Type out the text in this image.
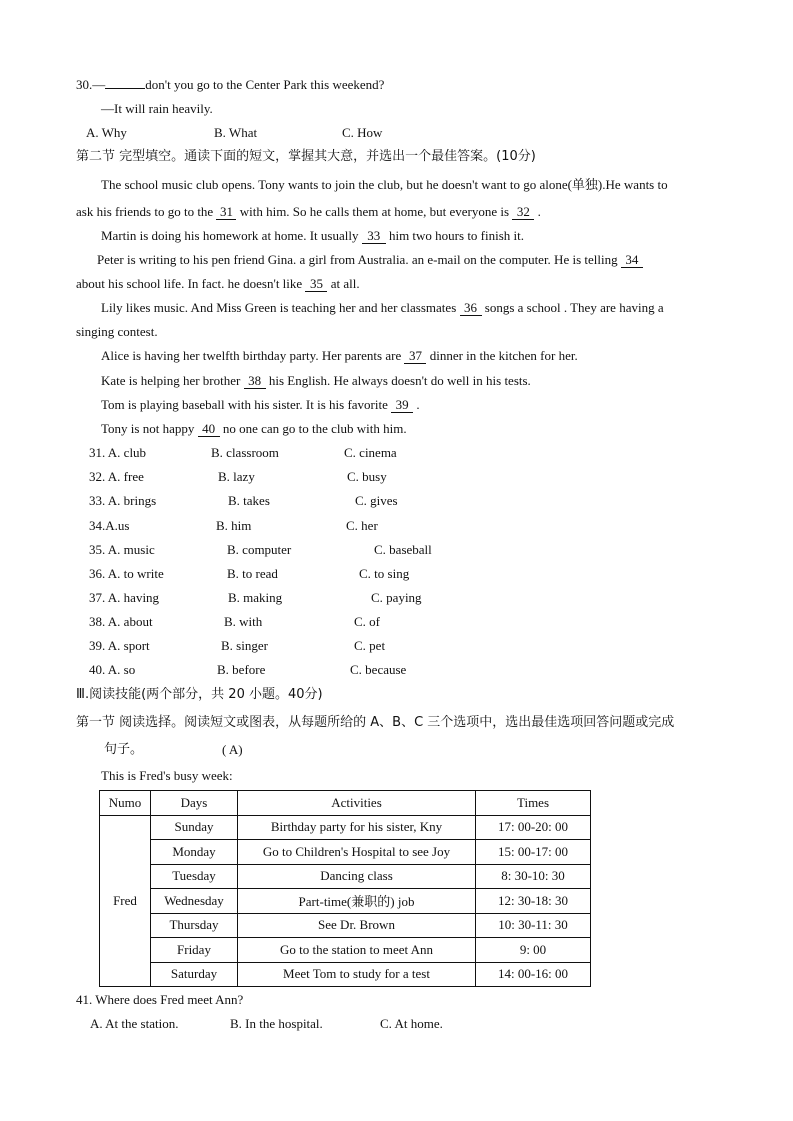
30.—	don't you go to the Center Park this weekend?
—It will rain heavily.
A. Why	B. What	C. How
第二节 完型填空。通读下面的短文，掌握其大意，并选出一个最佳答案。(10分)
The school music club opens. Tony wants to join the club, but he doesn't want to go alone(单独).He wants to
ask his friends to go to the 31 with him. So he calls them at home, but everyone is 32 .
Martin is doing his homework at home. It usually 33 him two hours to finish it.
Peter is writing to his pen friend Gina. a girl from Australia. an e-mail on the computer. He is telling 34
about his school life. In fact. he doesn't like 35 at all.
Lily likes music. And Miss Green is teaching her and her classmates 36 songs a school . They are having a
singing contest.
Alice is having her twelfth birthday party. Her parents are 37 dinner in the kitchen for her.
Kate is helping her brother 38 his English. He always doesn't do well in his tests.
Tom is playing baseball with his sister. It is his favorite 39 .
Tony is not happy 40 no one can go to the club with him.
31. A. club	B. classroom	C. cinema
32. A. free	B. lazy	C. busy
33. A. brings	B. takes	C. gives
34.A.us	B. him	C. her
35. A. music	B. computer	C. baseball
36. A. to write	B. to read	C. to sing
37. A. having	B. making	C. paying
38. A. about	B. with	C. of
39. A. sport	B. singer	C. pet
40. A. so	B. before	C. because
Ⅲ.阅读技能(两个部分，共 20 小题。40分)
第一节 阅读选择。阅读短文或图表，从每题所给的 A、B、C 三个选项中，选出最佳选项回答问题或完成
句子。	( A)
This is Fred's busy week:
Numo	Days	Activities	Times
Fred	Sunday	Birthday party for his sister, Kny	17: 00-20: 00
	Monday	Go to Children's Hospital to see Joy	15: 00-17: 00
	Tuesday	Dancing class	8: 30-10: 30
	Wednesday	Part-time(兼职的) job	12: 30-18: 30
	Thursday	See Dr. Brown	10: 30-11: 30
	Friday	Go to the station to meet Ann	9: 00
	Saturday	Meet Tom to study for a test	14: 00-16: 00
41. Where does Fred meet Ann?
A. At the station.	B. In the hospital.	C. At home.
